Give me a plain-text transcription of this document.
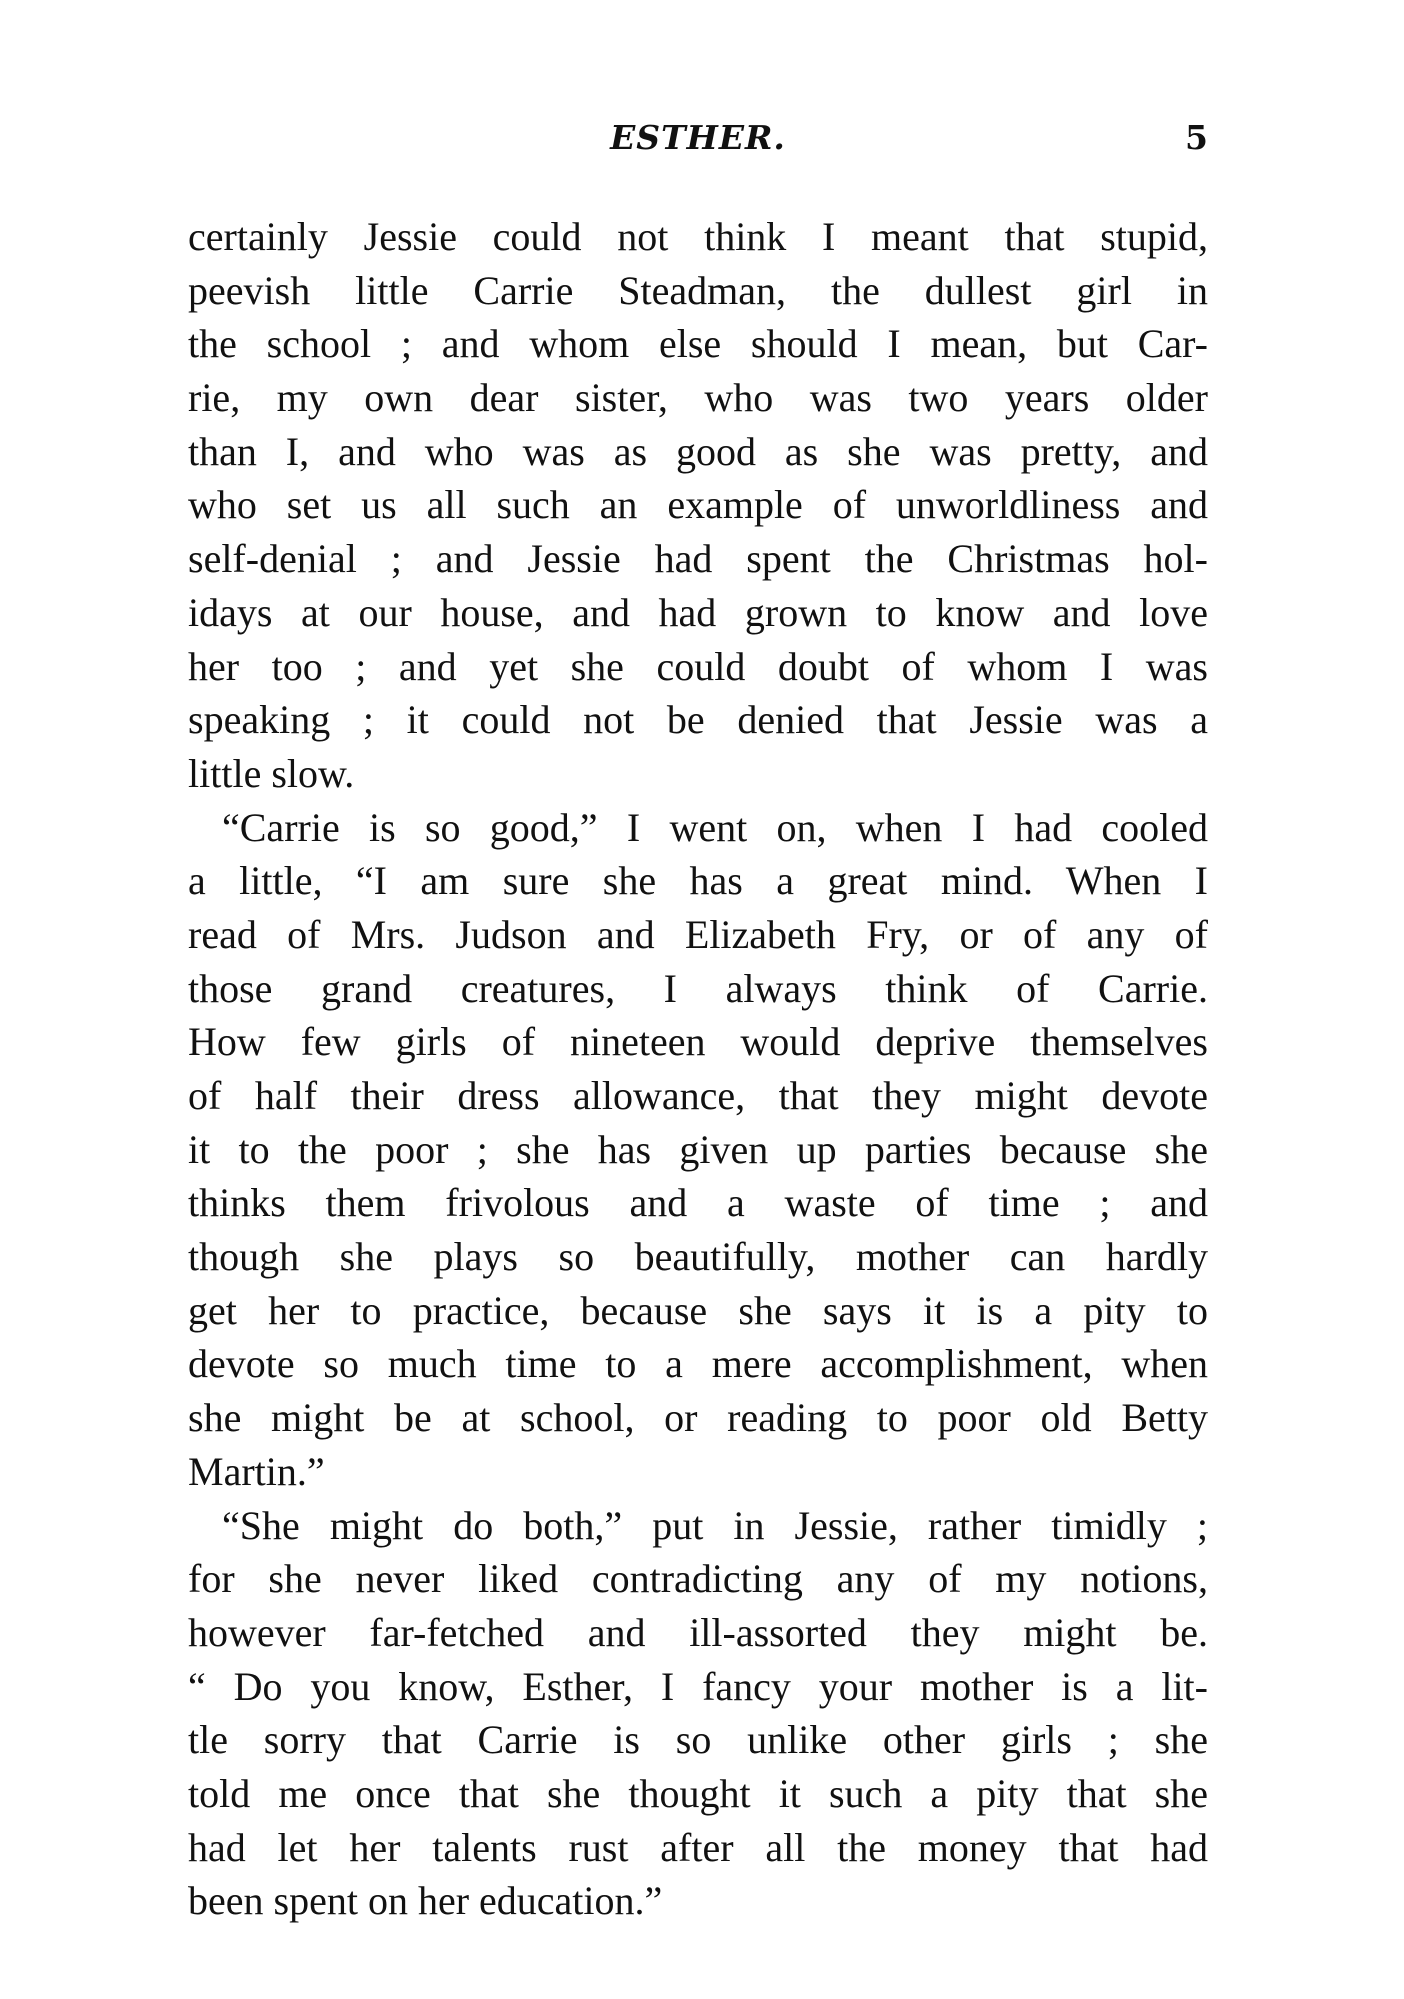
ESTHER.	5

certainly Jessie could not think I meant that stupid,
peevish little Carrie Steadman, the dullest girl in
the school ; and whom else should I mean, but Car-
rie, my own dear sister, who was two years older
than I, and who was as good as she was pretty, and
who set us all such an example of unworldliness and
self-denial ; and Jessie had spent the Christmas hol-
idays at our house, and had grown to know and love
her too ; and yet she could doubt of whom I was
speaking ; it could not be denied that Jessie was a
little slow.

“Carrie is so good,” I went on, when I had cooled
a little, “I am sure she has a great mind. When I
read of Mrs. Judson and Elizabeth Fry, or of any of
those grand creatures, I always think of Carrie.
How few girls of nineteen would deprive themselves
of half their dress allowance, that they might devote
it to the poor ; she has given up parties because she
thinks them frivolous and a waste of time ; and
though she plays so beautifully, mother can hardly
get her to practice, because she says it is a pity to
devote so much time to a mere accomplishment, when
she might be at school, or reading to poor old Betty
Martin.”

“She might do both,” put in Jessie, rather timidly ;
for she never liked contradicting any of my notions,
however far-fetched and ill-assorted they might be.
“ Do you know, Esther, I fancy your mother is a lit-
tle sorry that Carrie is so unlike other girls ; she
told me once that she thought it such a pity that she
had let her talents rust after all the money that had
been spent on her education.”
